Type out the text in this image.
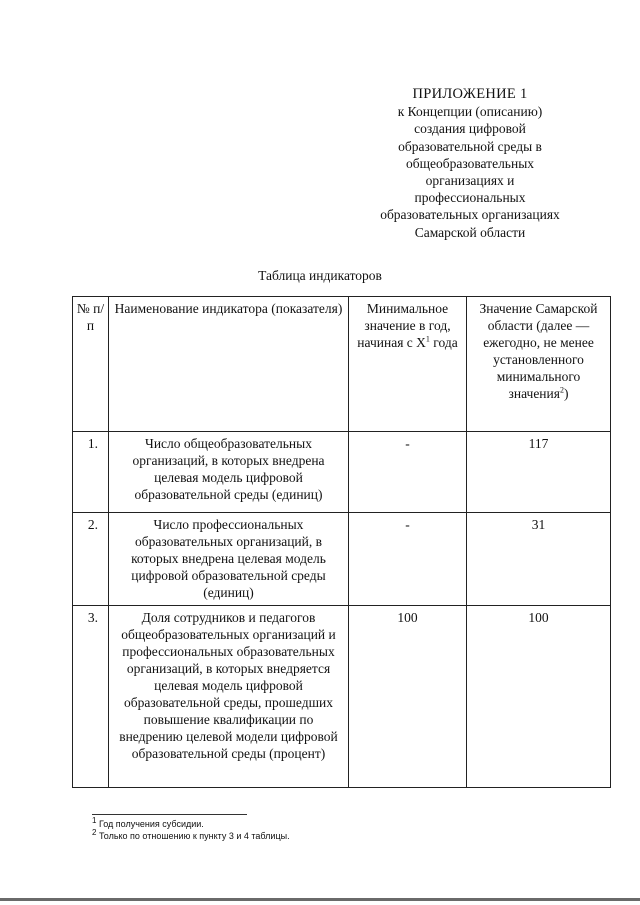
ПРИЛОЖЕНИЕ 1
к Концепции (описанию)
создания цифровой
образовательной среды в
общеобразовательных
организациях и
профессиональных
образовательных организациях
Самарской области
Таблица индикаторов
№ п/п	Наименование индикатора (показателя)	Минимальное значение в год, начиная с $X^1$ года	Значение Самарской области (далее — ежегодно, не менее установленного минимального значения$^2$)
1.	Число общеобразовательных организаций, в которых внедрена целевая модель цифровой образовательной среды (единиц)	-	117
2.	Число профессиональных образовательных организаций, в которых внедрена целевая модель цифровой образовательной среды (единиц)	-	31
3.	Доля сотрудников и педагогов общеобразовательных организаций и профессиональных образовательных организаций, в которых внедряется целевая модель цифровой образовательной среды, прошедших повышение квалификации по внедрению целевой модели цифровой образовательной среды (процент)	100	100
$^1$ Год получения субсидии.
$^2$ Только по отношению к пункту 3 и 4 таблицы.
